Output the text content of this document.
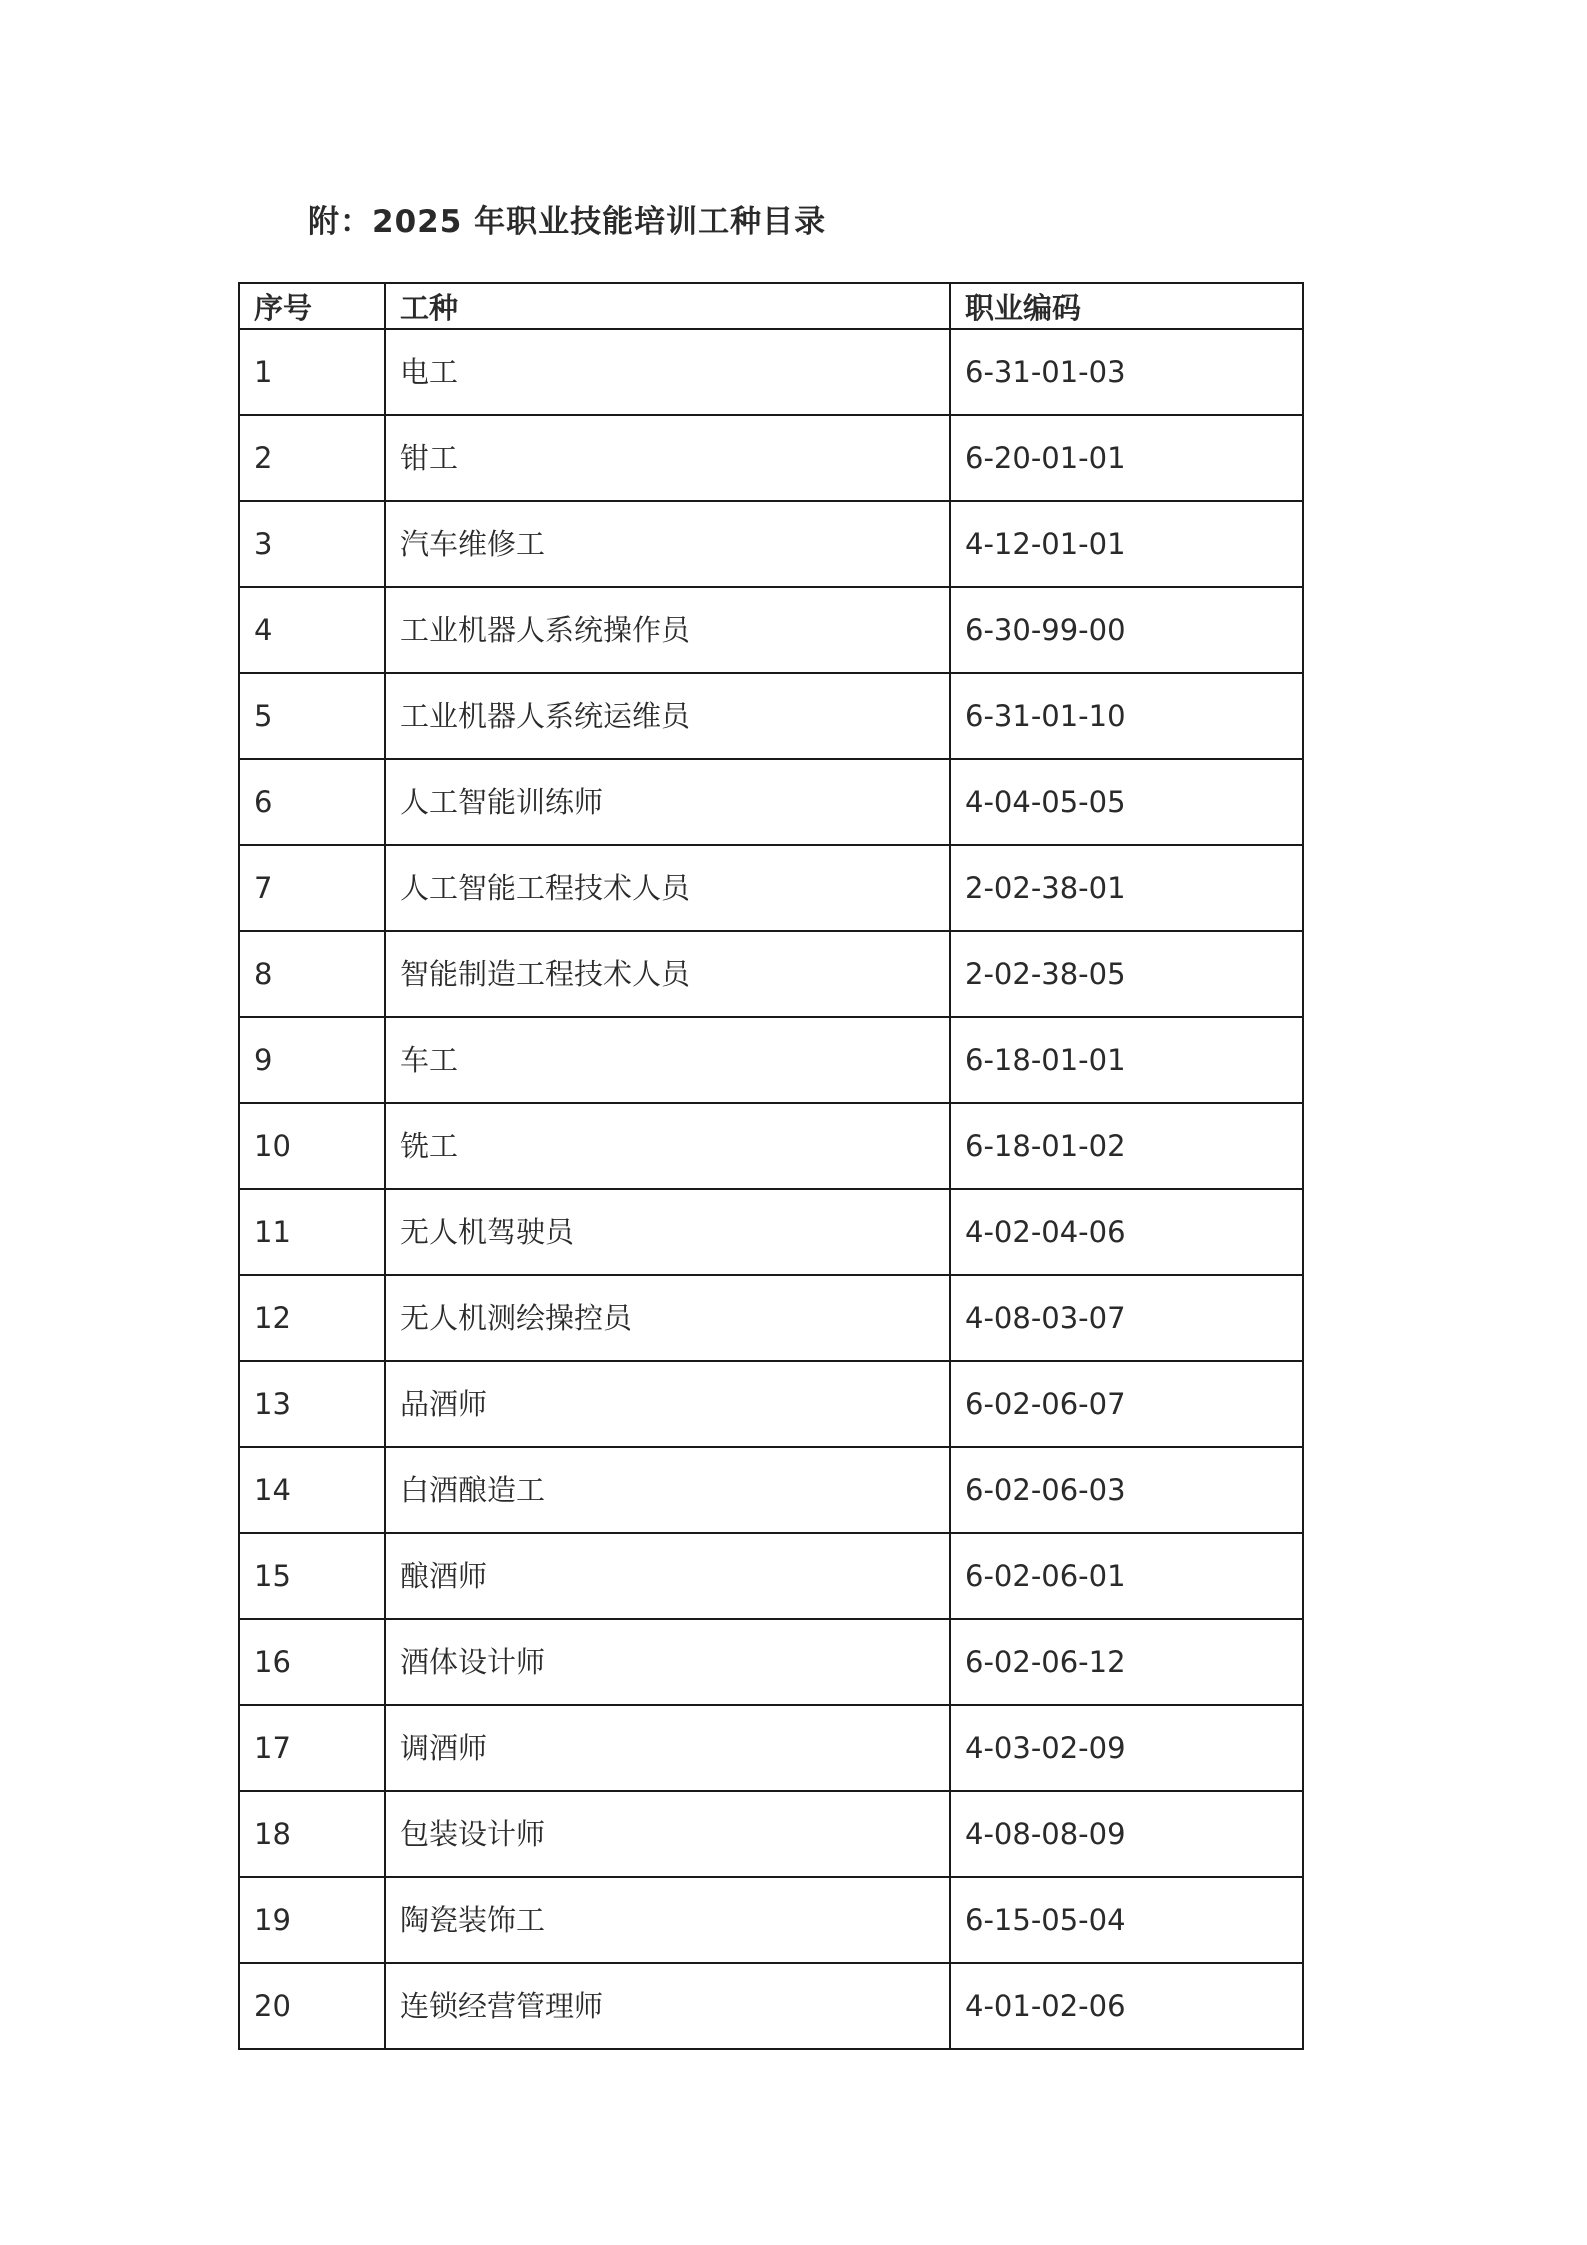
附：2025 年职业技能培训工种目录
序号	工种	职业编码
1	电工	6-31-01-03
2	钳工	6-20-01-01
3	汽车维修工	4-12-01-01
4	工业机器人系统操作员	6-30-99-00
5	工业机器人系统运维员	6-31-01-10
6	人工智能训练师	4-04-05-05
7	人工智能工程技术人员	2-02-38-01
8	智能制造工程技术人员	2-02-38-05
9	车工	6-18-01-01
10	铣工	6-18-01-02
11	无人机驾驶员	4-02-04-06
12	无人机测绘操控员	4-08-03-07
13	品酒师	6-02-06-07
14	白酒酿造工	6-02-06-03
15	酿酒师	6-02-06-01
16	酒体设计师	6-02-06-12
17	调酒师	4-03-02-09
18	包装设计师	4-08-08-09
19	陶瓷装饰工	6-15-05-04
20	连锁经营管理师	4-01-02-06
